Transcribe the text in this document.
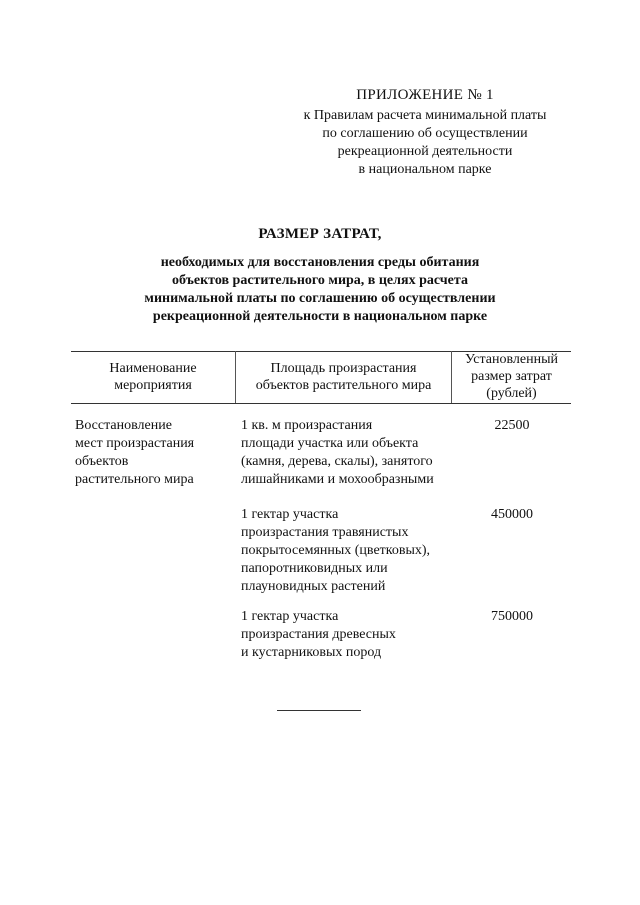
ПРИЛОЖЕНИЕ № 1
к Правилам расчета минимальной платы
по соглашению об осуществлении
рекреационной деятельности
в национальном парке
РАЗМЕР ЗАТРАТ,
необходимых для восстановления среды обитания
объектов растительного мира, в целях расчета
минимальной платы по соглашению об осуществлении
рекреационной деятельности в национальном парке
Наименование
мероприятия
Площадь произрастания
объектов растительного мира
Установленный
размер затрат
(рублей)
Восстановление
мест произрастания
объектов
растительного мира
1 кв. м произрастания
площади участка или объекта
(камня, дерева, скалы), занятого
лишайниками и мохообразными
22500
1 гектар участка
произрастания травянистых
покрытосемянных (цветковых),
папоротниковидных или
плауновидных растений
450000
1 гектар участка
произрастания древесных
и кустарниковых пород
750000
